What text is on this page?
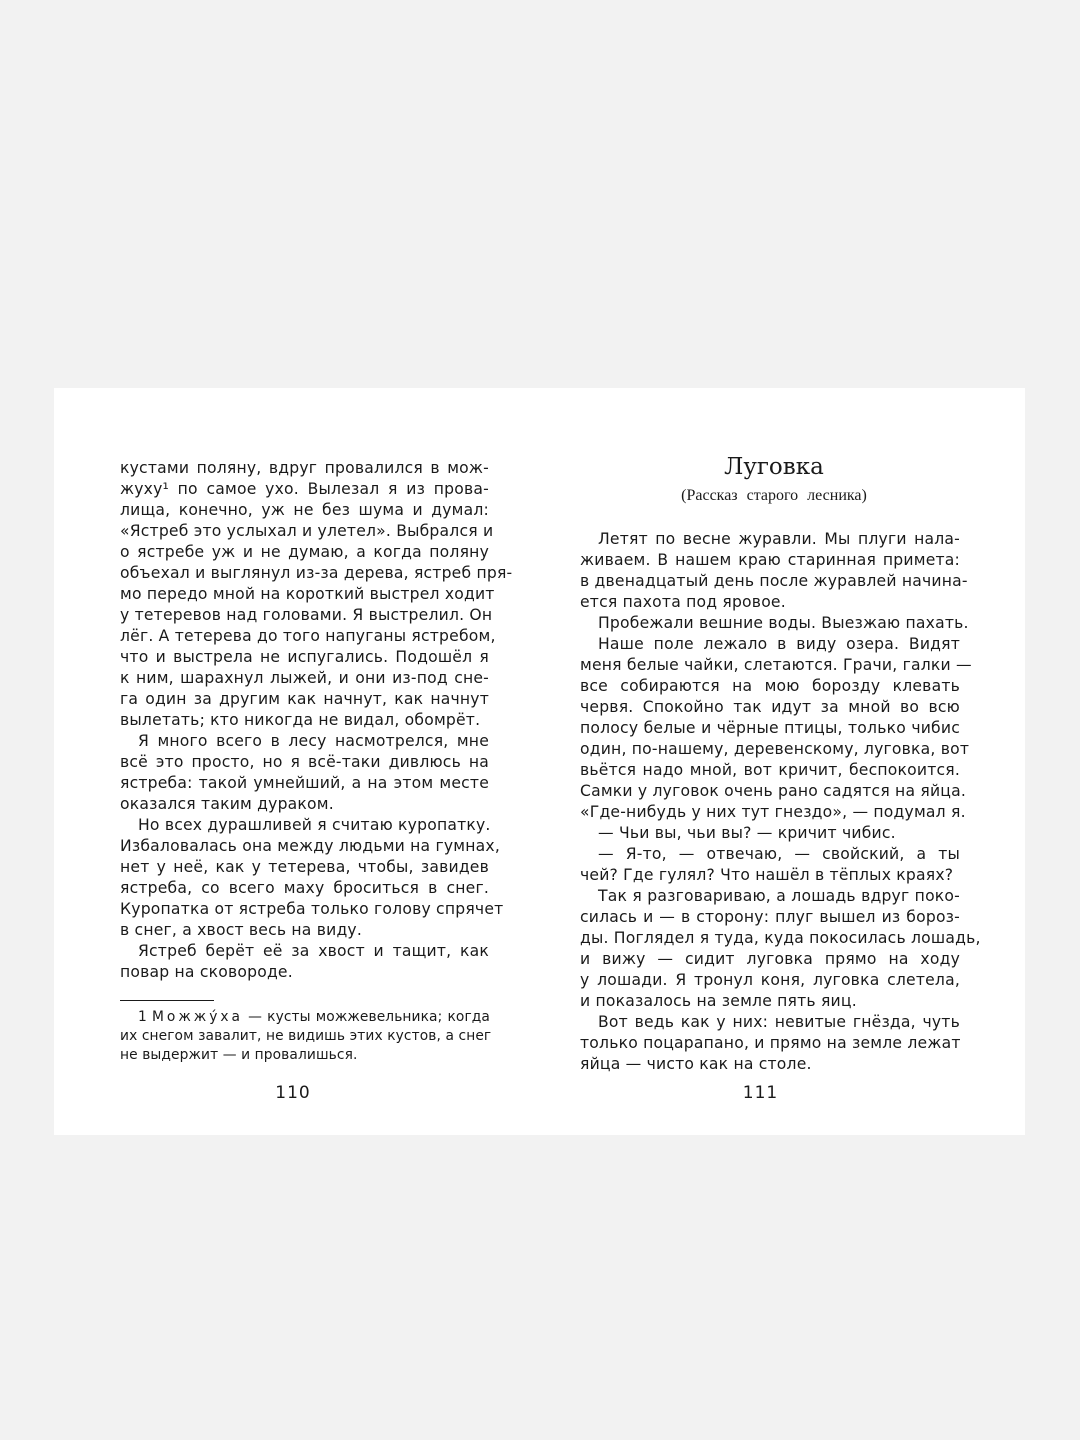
кустами поляну, вдруг провалился в мож-
жуху¹ по самое ухо. Вылезал я из прова-
лища, конечно, уж не без шума и думал:
«Ястреб это услыхал и улетел». Выбрался и
о ястребе уж и не думаю, а когда поляну
объехал и выглянул из-за дерева, ястреб пря-
мо передо мной на короткий выстрел ходит
у тетеревов над головами. Я выстрелил. Он
лёг. А тетерева до того напуганы ястребом,
что и выстрела не испугались. Подошёл я
к ним, шарахнул лыжей, и они из-под сне-
га один за другим как начнут, как начнут
вылетать; кто никогда не видал, обомрёт.
Я много всего в лесу насмотрелся, мне
всё это просто, но я всё-таки дивлюсь на
ястреба: такой умнейший, а на этом месте
оказался таким дураком.
Но всех дурашливей я считаю куропатку.
Избаловалась она между людьми на гумнах,
нет у неё, как у тетерева, чтобы, завидев
ястреба, со всего маху броситься в снег.
Куропатка от ястреба только голову спрячет
в снег, а хвост весь на виду.
Ястреб берёт её за хвост и тащит, как
повар на сковороде.
1 Можжу́ха — кусты можжевельника; когда
их снегом завалит, не видишь этих кустов, а снег
не выдержит — и провалишься.
110
Луговка
(Рассказ старого лесника)
Летят по весне журавли. Мы плуги нала-
живаем. В нашем краю старинная примета:
в двенадцатый день после журавлей начина-
ется пахота под яровое.
Пробежали вешние воды. Выезжаю пахать.
Наше поле лежало в виду озера. Видят
меня белые чайки, слетаются. Грачи, галки —
все собираются на мою борозду клевать
червя. Спокойно так идут за мной во всю
полосу белые и чёрные птицы, только чибис
один, по-нашему, деревенскому, луговка, вот
вьётся надо мной, вот кричит, беспокоится.
Самки у луговок очень рано садятся на яйца.
«Где-нибудь у них тут гнездо», — подумал я.
— Чьи вы, чьи вы? — кричит чибис.
— Я-то, — отвечаю, — свойский, а ты
чей? Где гулял? Что нашёл в тёплых краях?
Так я разговариваю, а лошадь вдруг поко-
силась и — в сторону: плуг вышел из бороз-
ды. Поглядел я туда, куда покосилась лошадь,
и вижу — сидит луговка прямо на ходу
у лошади. Я тронул коня, луговка слетела,
и показалось на земле пять яиц.
Вот ведь как у них: невитые гнёзда, чуть
только поцарапано, и прямо на земле лежат
яйца — чисто как на столе.
111
